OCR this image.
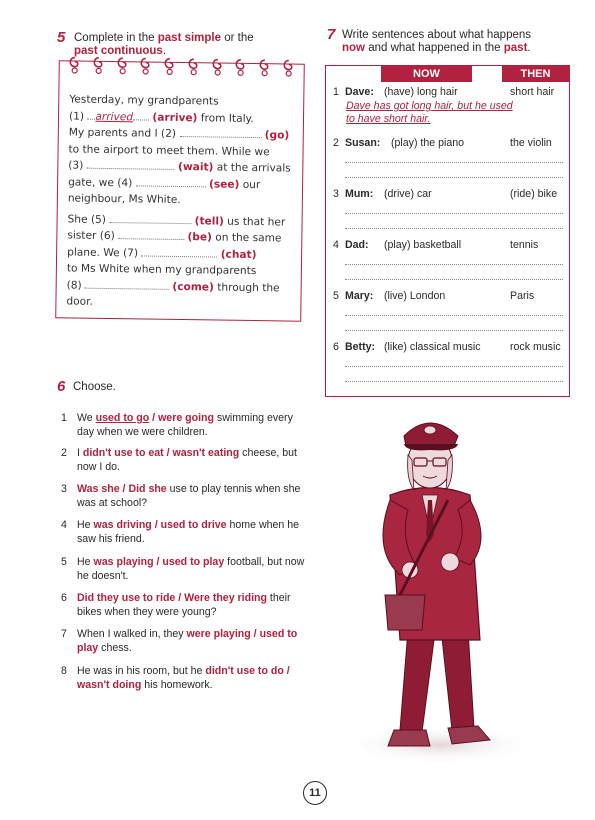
5 Complete in the past simple or the
past continuous.

Yesterday, my grandparents
(1) arrived (arrive) from Italy.
My parents and I (2)	(go)
to the airport to meet them. While we
(3)	(wait) at the arrivals
gate, we (4)	(see) our
neighbour, Ms White.

She (5)	(tell) us that her
sister (6)	(be) on the same
plane. We (7)	(chat)
to Ms White when my grandparents
(8)	(come) through the
door.

7 Write sentences about what happens
now and what happened in the past.
NOW	THEN
1 Dave: (have) long hair	short hair
Dave has got long hair, but he used
to have short hair.
2 Susan: (play) the piano	the violin
3 Mum: (drive) car	(ride) bike
4 Dad: (play) basketball	tennis
5 Mary: (live) London	Paris
6 Betty: (like) classical music	rock music
6 Choose.
1 We used to go / were going swimming every day when we were children.
2 I didn't use to eat / wasn't eating cheese, but now I do.
3 Was she / Did she use to play tennis when she was at school?
4 He was driving / used to drive home when he saw his friend.
5 He was playing / used to play football, but now he doesn't.
6 Did they use to ride / Were they riding their bikes when they were young?
7 When I walked in, they were playing / used to play chess.
8 He was in his room, but he didn't use to do / wasn't doing his homework.
11
